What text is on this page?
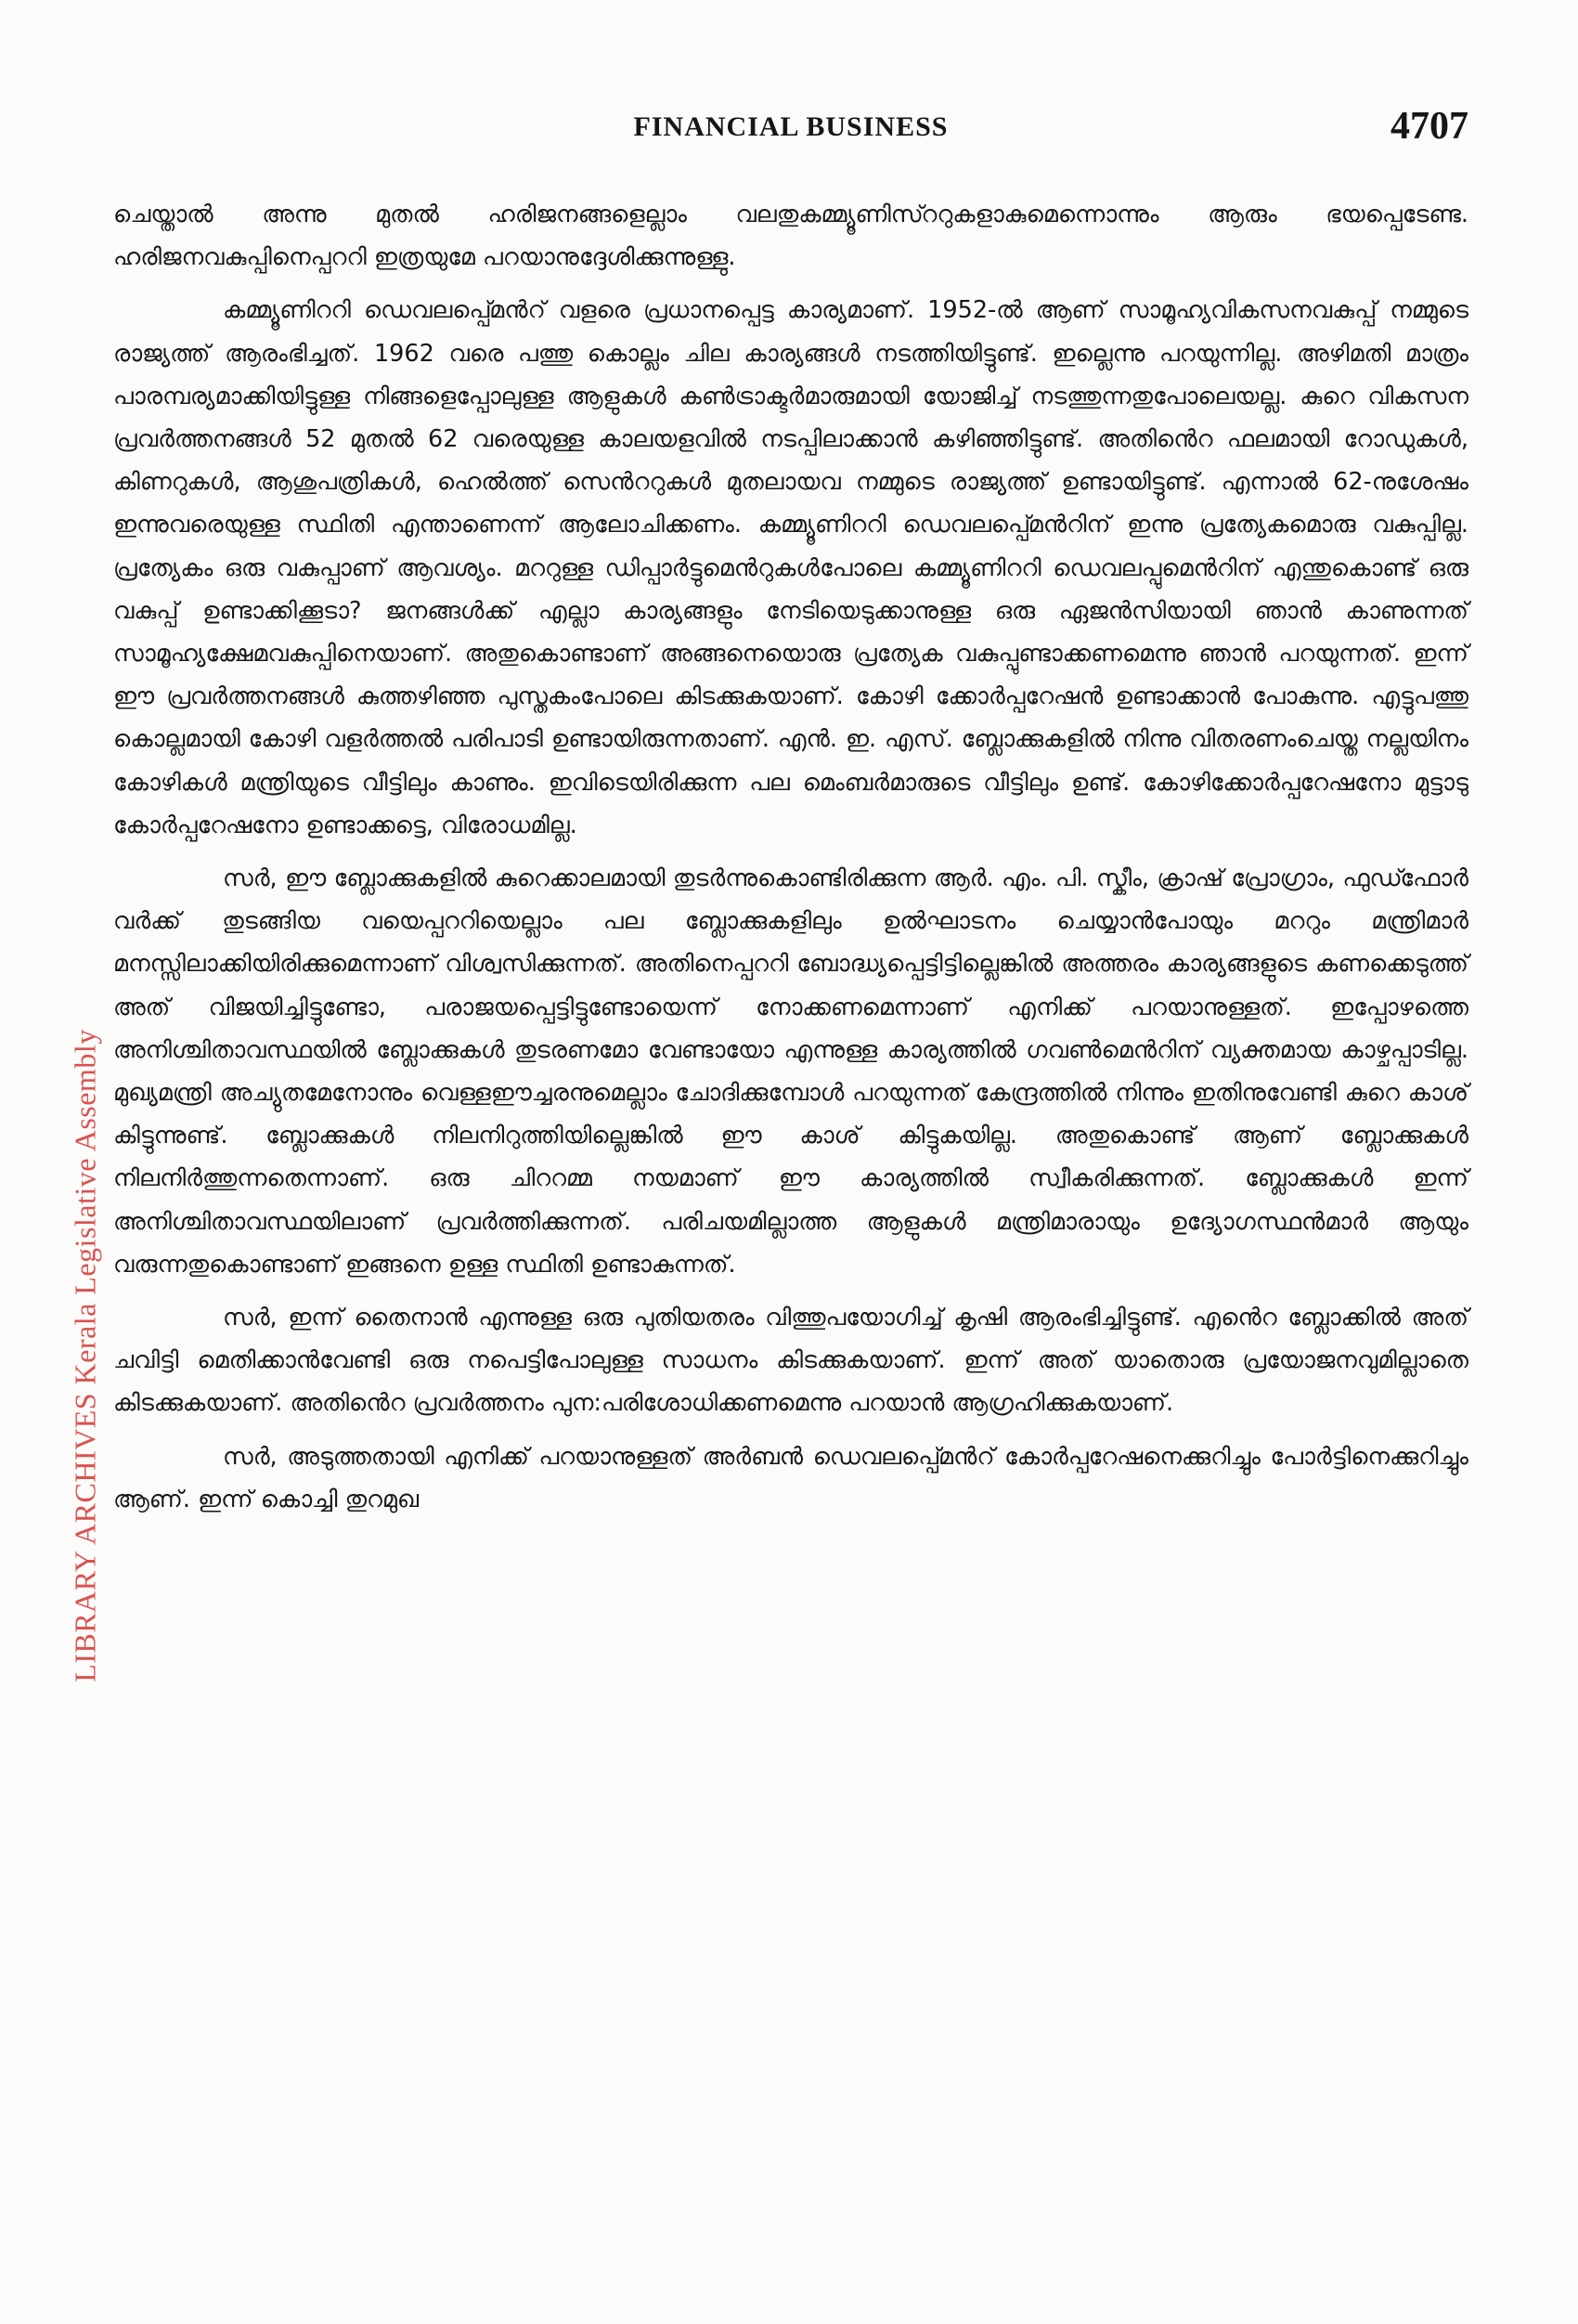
FINANCIAL BUSINESS	4707

ചെയ്താൽ അന്നു മുതൽ ഹരിജനങ്ങളെല്ലാം വലതുകമ്മ്യൂണിസ്ററുകളാകുമെന്നൊന്നും ആരും ഭയപ്പെടേണ്ട. ഹരിജനവകുപ്പിനെപ്പററി ഇത്രയുമേ പറയാനുദ്ദേശിക്കുന്നുള്ളു.

കമ്മ്യൂണിററി ഡെവലപ്പ്മെൻറ് വളരെ പ്രധാനപ്പെട്ട കാര്യമാണ്. 1952-ൽ ആണ് സാമൂഹ്യവികസനവകുപ്പ് നമ്മുടെ രാജ്യത്ത് ആരംഭിച്ചത്. 1962 വരെ പത്തു കൊല്ലം ചില കാര്യങ്ങൾ നടത്തിയിട്ടുണ്ട്. ഇല്ലെന്നു പറയുന്നില്ല. അഴിമതി മാത്രം പാരമ്പര്യമാക്കിയിട്ടുള്ള നിങ്ങളെപ്പോലുള്ള ആളുകൾ കൺട്രാക്ടർമാരുമായി യോജിച്ച് നടത്തുന്നതുപോലെയല്ല. കുറെ വികസന പ്രവർത്തനങ്ങൾ 52 മുതൽ 62 വരെയുള്ള കാലയളവിൽ നടപ്പിലാക്കാൻ കഴിഞ്ഞിട്ടുണ്ട്. അതിൻെറ ഫലമായി റോഡുകൾ, കിണറുകൾ, ആശുപത്രികൾ, ഹെൽത്ത് സെൻററുകൾ മുതലായവ നമ്മുടെ രാജ്യത്ത് ഉണ്ടായിട്ടുണ്ട്. എന്നാൽ 62-നുശേഷം ഇന്നുവരെയുള്ള സ്ഥിതി എന്താണെന്ന് ആലോചിക്കണം. കമ്മ്യൂണിററി ഡെവലപ്പ്മെൻറിന് ഇന്നു പ്രത്യേകമൊരു വകുപ്പില്ല. പ്രത്യേകം ഒരു വകുപ്പാണ് ആവശ്യം. മററുള്ള ഡിപ്പാർട്ടുമെൻറുകൾപോലെ കമ്മ്യൂണിററി ഡെവലപ്പുമെൻറിന് എന്തുകൊണ്ട് ഒരു വകുപ്പ് ഉണ്ടാക്കിക്കൂടാ? ജനങ്ങൾക്ക് എല്ലാ കാര്യങ്ങളും നേടിയെടുക്കാനുള്ള ഒരു ഏജൻസിയായി ഞാൻ കാണുന്നത് സാമൂഹ്യക്ഷേമവകുപ്പിനെയാണ്. അതുകൊണ്ടാണ് അങ്ങനെയൊരു പ്രത്യേക വകുപ്പുണ്ടാക്കണമെന്നു ഞാൻ പറയുന്നത്. ഇന്ന് ഈ പ്രവർത്തനങ്ങൾ കുത്തഴിഞ്ഞ പുസ്തകംപോലെ കിടക്കുകയാണ്. കോഴി ക്കോർപ്പറേഷൻ ഉണ്ടാക്കാൻ പോകുന്നു. എട്ടുപത്തു കൊല്ലമായി കോഴി വളർത്തൽ പരിപാടി ഉണ്ടായിരുന്നതാണ്. എൻ. ഇ. എസ്. ബ്ലോക്കുകളിൽ നിന്നു വിതരണംചെയ്ത നല്ലയിനം കോഴികൾ മന്ത്രിയുടെ വീട്ടിലും കാണും. ഇവിടെയിരിക്കുന്ന പല മെംബർമാരുടെ വീട്ടിലും ഉണ്ട്. കോഴിക്കോർപ്പറേഷനോ മുട്ടാടു കോർപ്പറേഷനോ ഉണ്ടാക്കട്ടെ, വിരോധമില്ല.

സർ, ഈ ബ്ലോക്കുകളിൽ കുറെക്കാലമായി തുടർന്നുകൊണ്ടിരിക്കുന്ന ആർ. എം. പി. സ്കീം, ക്രാഷ് പ്രോഗ്രാം, ഫുഡ്ഫോർ വർക്ക് തുടങ്ങിയ വയെപ്പററിയെല്ലാം പല ബ്ലോക്കുകളിലും ഉൽഘാടനം ചെയ്യാൻപോയും മററും മന്ത്രിമാർ മനസ്സിലാക്കിയിരിക്കുമെന്നാണ് വിശ്വസിക്കുന്നത്. അതിനെപ്പററി ബോദ്ധ്യപ്പെട്ടിട്ടില്ലെങ്കിൽ അത്തരം കാര്യങ്ങളുടെ കണക്കെടുത്ത് അത് വിജയിച്ചിട്ടുണ്ടോ, പരാജയപ്പെട്ടിട്ടുണ്ടോയെന്ന് നോക്കണമെന്നാണ് എനിക്ക് പറയാനുള്ളത്. ഇപ്പോഴത്തെ അനിശ്ചിതാവസ്ഥയിൽ ബ്ലോക്കുകൾ തുടരണമോ വേണ്ടായോ എന്നുള്ള കാര്യത്തിൽ ഗവൺമെൻറിന് വ്യക്തമായ കാഴ്ചപ്പാടില്ല. മുഖ്യമന്ത്രി അച്യുതമേനോനും വെള്ളഈച്ചരനുമെല്ലാം ചോദിക്കുമ്പോൾ പറയുന്നത് കേന്ദ്രത്തിൽ നിന്നും ഇതിനുവേണ്ടി കുറെ കാശ് കിട്ടുന്നുണ്ട്. ബ്ലോക്കുകൾ നിലനിറുത്തിയില്ലെങ്കിൽ ഈ കാശ് കിട്ടുകയില്ല. അതുകൊണ്ട് ആണ് ബ്ലോക്കുകൾ നിലനിർത്തുന്നതെന്നാണ്. ഒരു ചിററമ്മ നയമാണ് ഈ കാര്യത്തിൽ സ്വീകരിക്കുന്നത്. ബ്ലോക്കുകൾ ഇന്ന് അനിശ്ചിതാവസ്ഥയിലാണ് പ്രവർത്തിക്കുന്നത്. പരിചയമില്ലാത്ത ആളുകൾ മന്ത്രിമാരായും ഉദ്യോഗസ്ഥൻമാർ ആയും വരുന്നതുകൊണ്ടാണ് ഇങ്ങനെ ഉള്ള സ്ഥിതി ഉണ്ടാകുന്നത്.

സർ, ഇന്ന് തൈനാൻ എന്നുള്ള ഒരു പുതിയതരം വിത്തുപയോഗിച്ച് കൃഷി ആരംഭിച്ചിട്ടുണ്ട്. എൻെറ ബ്ലോക്കിൽ അത് ചവിട്ടി മെതിക്കാൻവേണ്ടി ഒരു നപെട്ടിപോലുള്ള സാധനം കിടക്കുകയാണ്. ഇന്ന് അത് യാതൊരു പ്രയോജനവുമില്ലാതെ കിടക്കുകയാണ്. അതിൻെറ പ്രവർത്തനം പുന:പരിശോധിക്കണമെന്നു പറയാൻ ആഗ്രഹിക്കുകയാണ്.

സർ, അടുത്തതായി എനിക്ക് പറയാനുള്ളത് അർബൻ ഡെവലപ്പ്മെൻറ് കോർപ്പറേഷനെക്കുറിച്ചും പോർട്ടിനെക്കുറിച്ചും ആണ്. ഇന്ന് കൊച്ചി തുറമുഖ

LIBRARY ARCHIVES Kerala Legislative Assembly
